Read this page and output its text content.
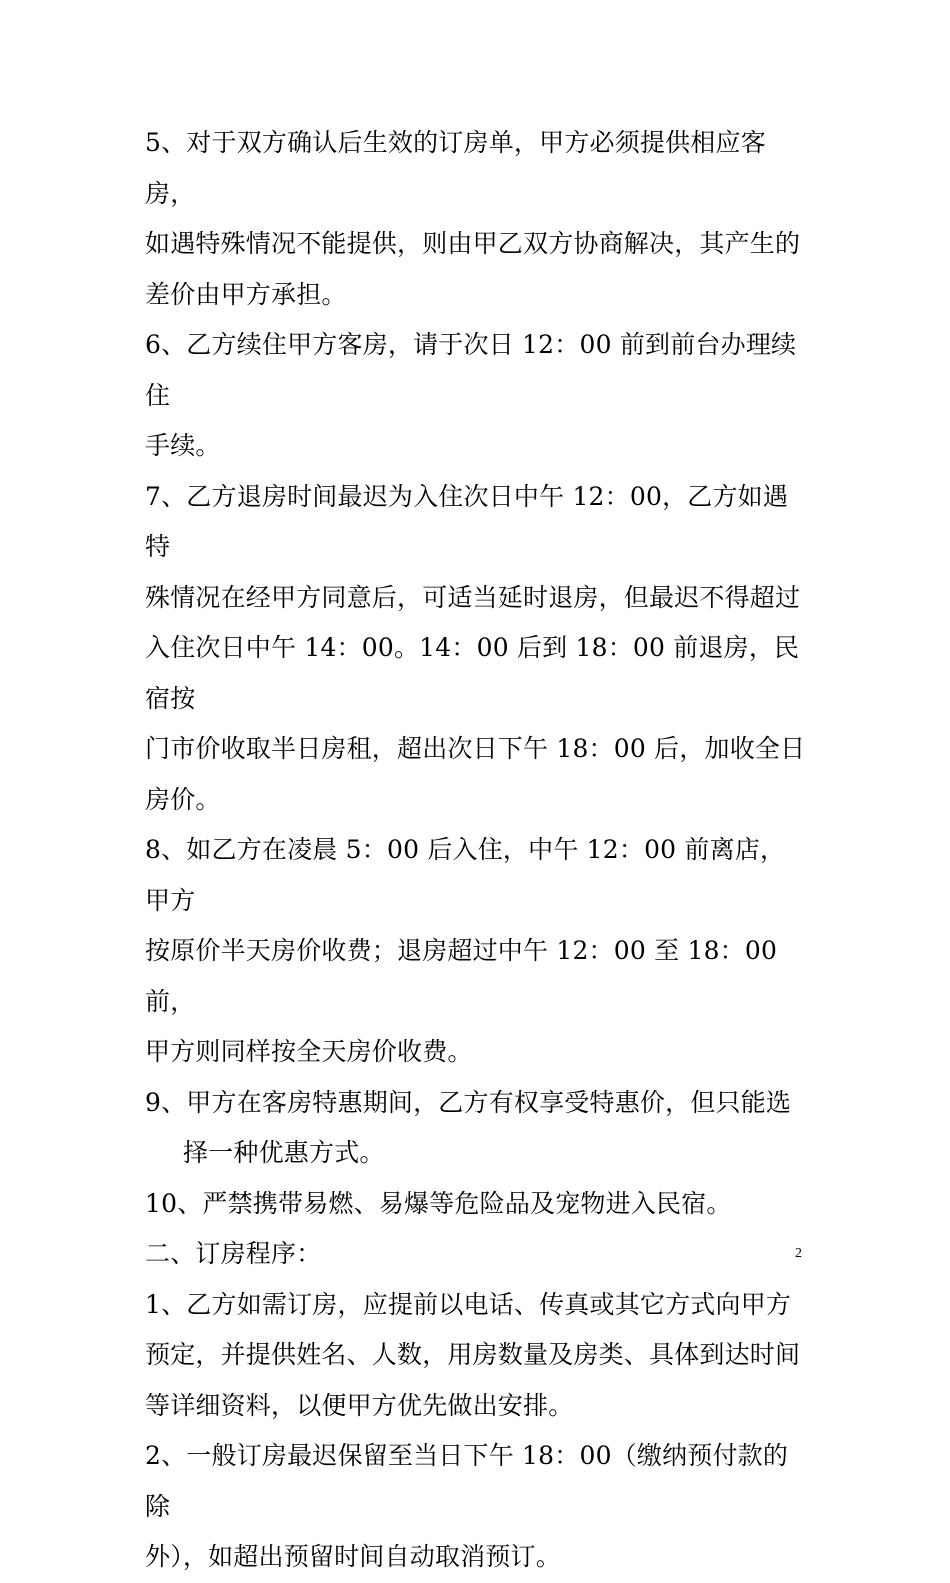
5、对于双方确认后生效的订房单，甲方必须提供相应客房，
如遇特殊情况不能提供，则由甲乙双方协商解决，其产生的
差价由甲方承担。

6、乙方续住甲方客房，请于次日 12：00 前到前台办理续住
手续。

7、乙方退房时间最迟为入住次日中午 12：00，乙方如遇特
殊情况在经甲方同意后，可适当延时退房，但最迟不得超过
入住次日中午 14：00。14：00 后到 18：00 前退房，民宿按
门市价收取半日房租，超出次日下午 18：00 后，加收全日
房价。

8、如乙方在凌晨 5：00 后入住，中午 12：00 前离店，甲方
按原价半天房价收费；退房超过中午 12：00 至 18：00 前，
甲方则同样按全天房价收费。

9、甲方在客房特惠期间，乙方有权享受特惠价，但只能选
择一种优惠方式。

10、严禁携带易燃、易爆等危险品及宠物进入民宿。

二、订房程序：

1、乙方如需订房，应提前以电话、传真或其它方式向甲方
预定，并提供姓名、人数，用房数量及房类、具体到达时间
等详细资料，以便甲方优先做出安排。

2、一般订房最迟保留至当日下午 18：00（缴纳预付款的除
外），如超出预留时间自动取消预订。

2
